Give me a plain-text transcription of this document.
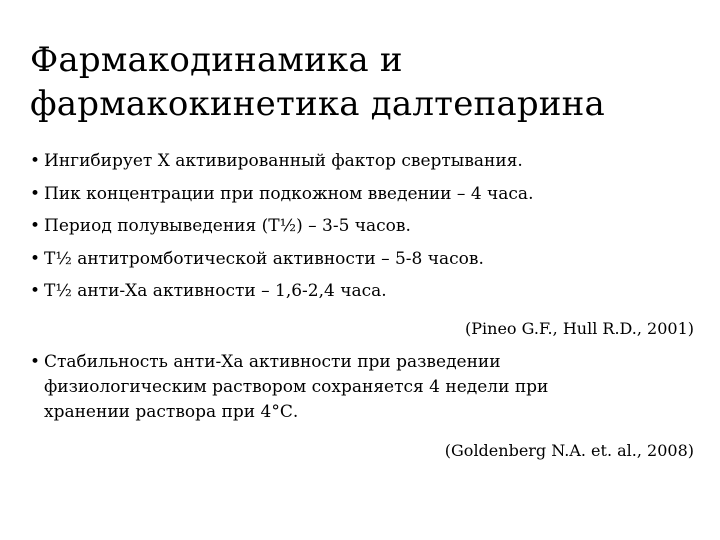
Фармакодинамика и
фармакокинетика далтепарина
• Ингибирует Х активированный фактор свертывания.
• Пик концентрации при подкожном введении – 4 часа.
• Период полувыведения (T½) – 3-5 часов.
• T½ антитромботической активности – 5-8 часов.
• T½ анти-Ха активности – 1,6-2,4 часа.
(Pineo G.F., Hull R.D., 2001)
• Стабильность анти-Ха активности при разведении
физиологическим раствором сохраняется 4 недели при
хранении раствора при 4°С.
(Goldenberg N.A. et. al., 2008)
